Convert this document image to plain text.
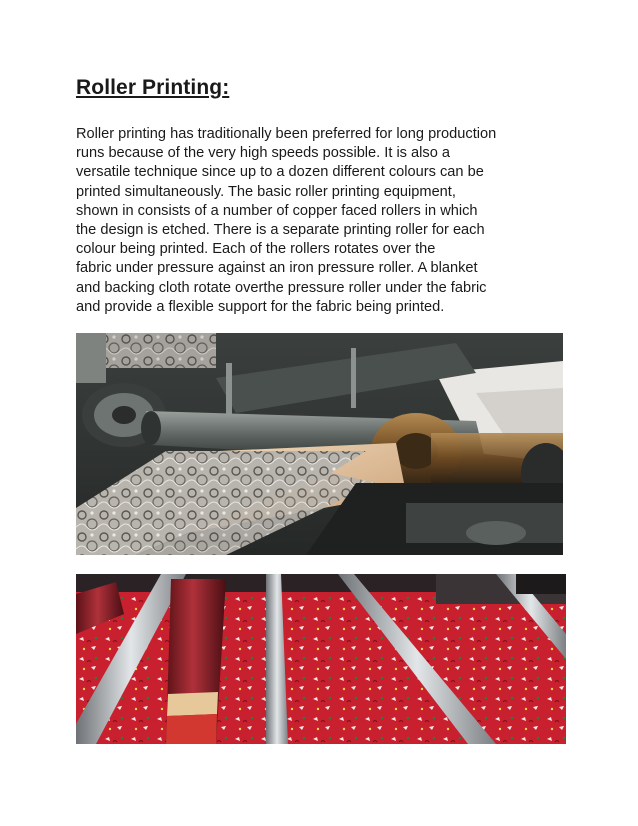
Roller Printing:
Roller printing has traditionally been preferred for long production
runs because of the very high speeds possible. It is also a
versatile technique since up to a dozen different colours can be
printed simultaneously. The basic roller printing equipment,
shown in consists of a number of copper faced rollers in which
the design is etched. There is a separate printing roller for each
colour being printed. Each of the rollers rotates over the
fabric under pressure against an iron pressure roller. A blanket
and backing cloth rotate overthe pressure roller under the fabric
and provide a flexible support for the fabric being printed.
